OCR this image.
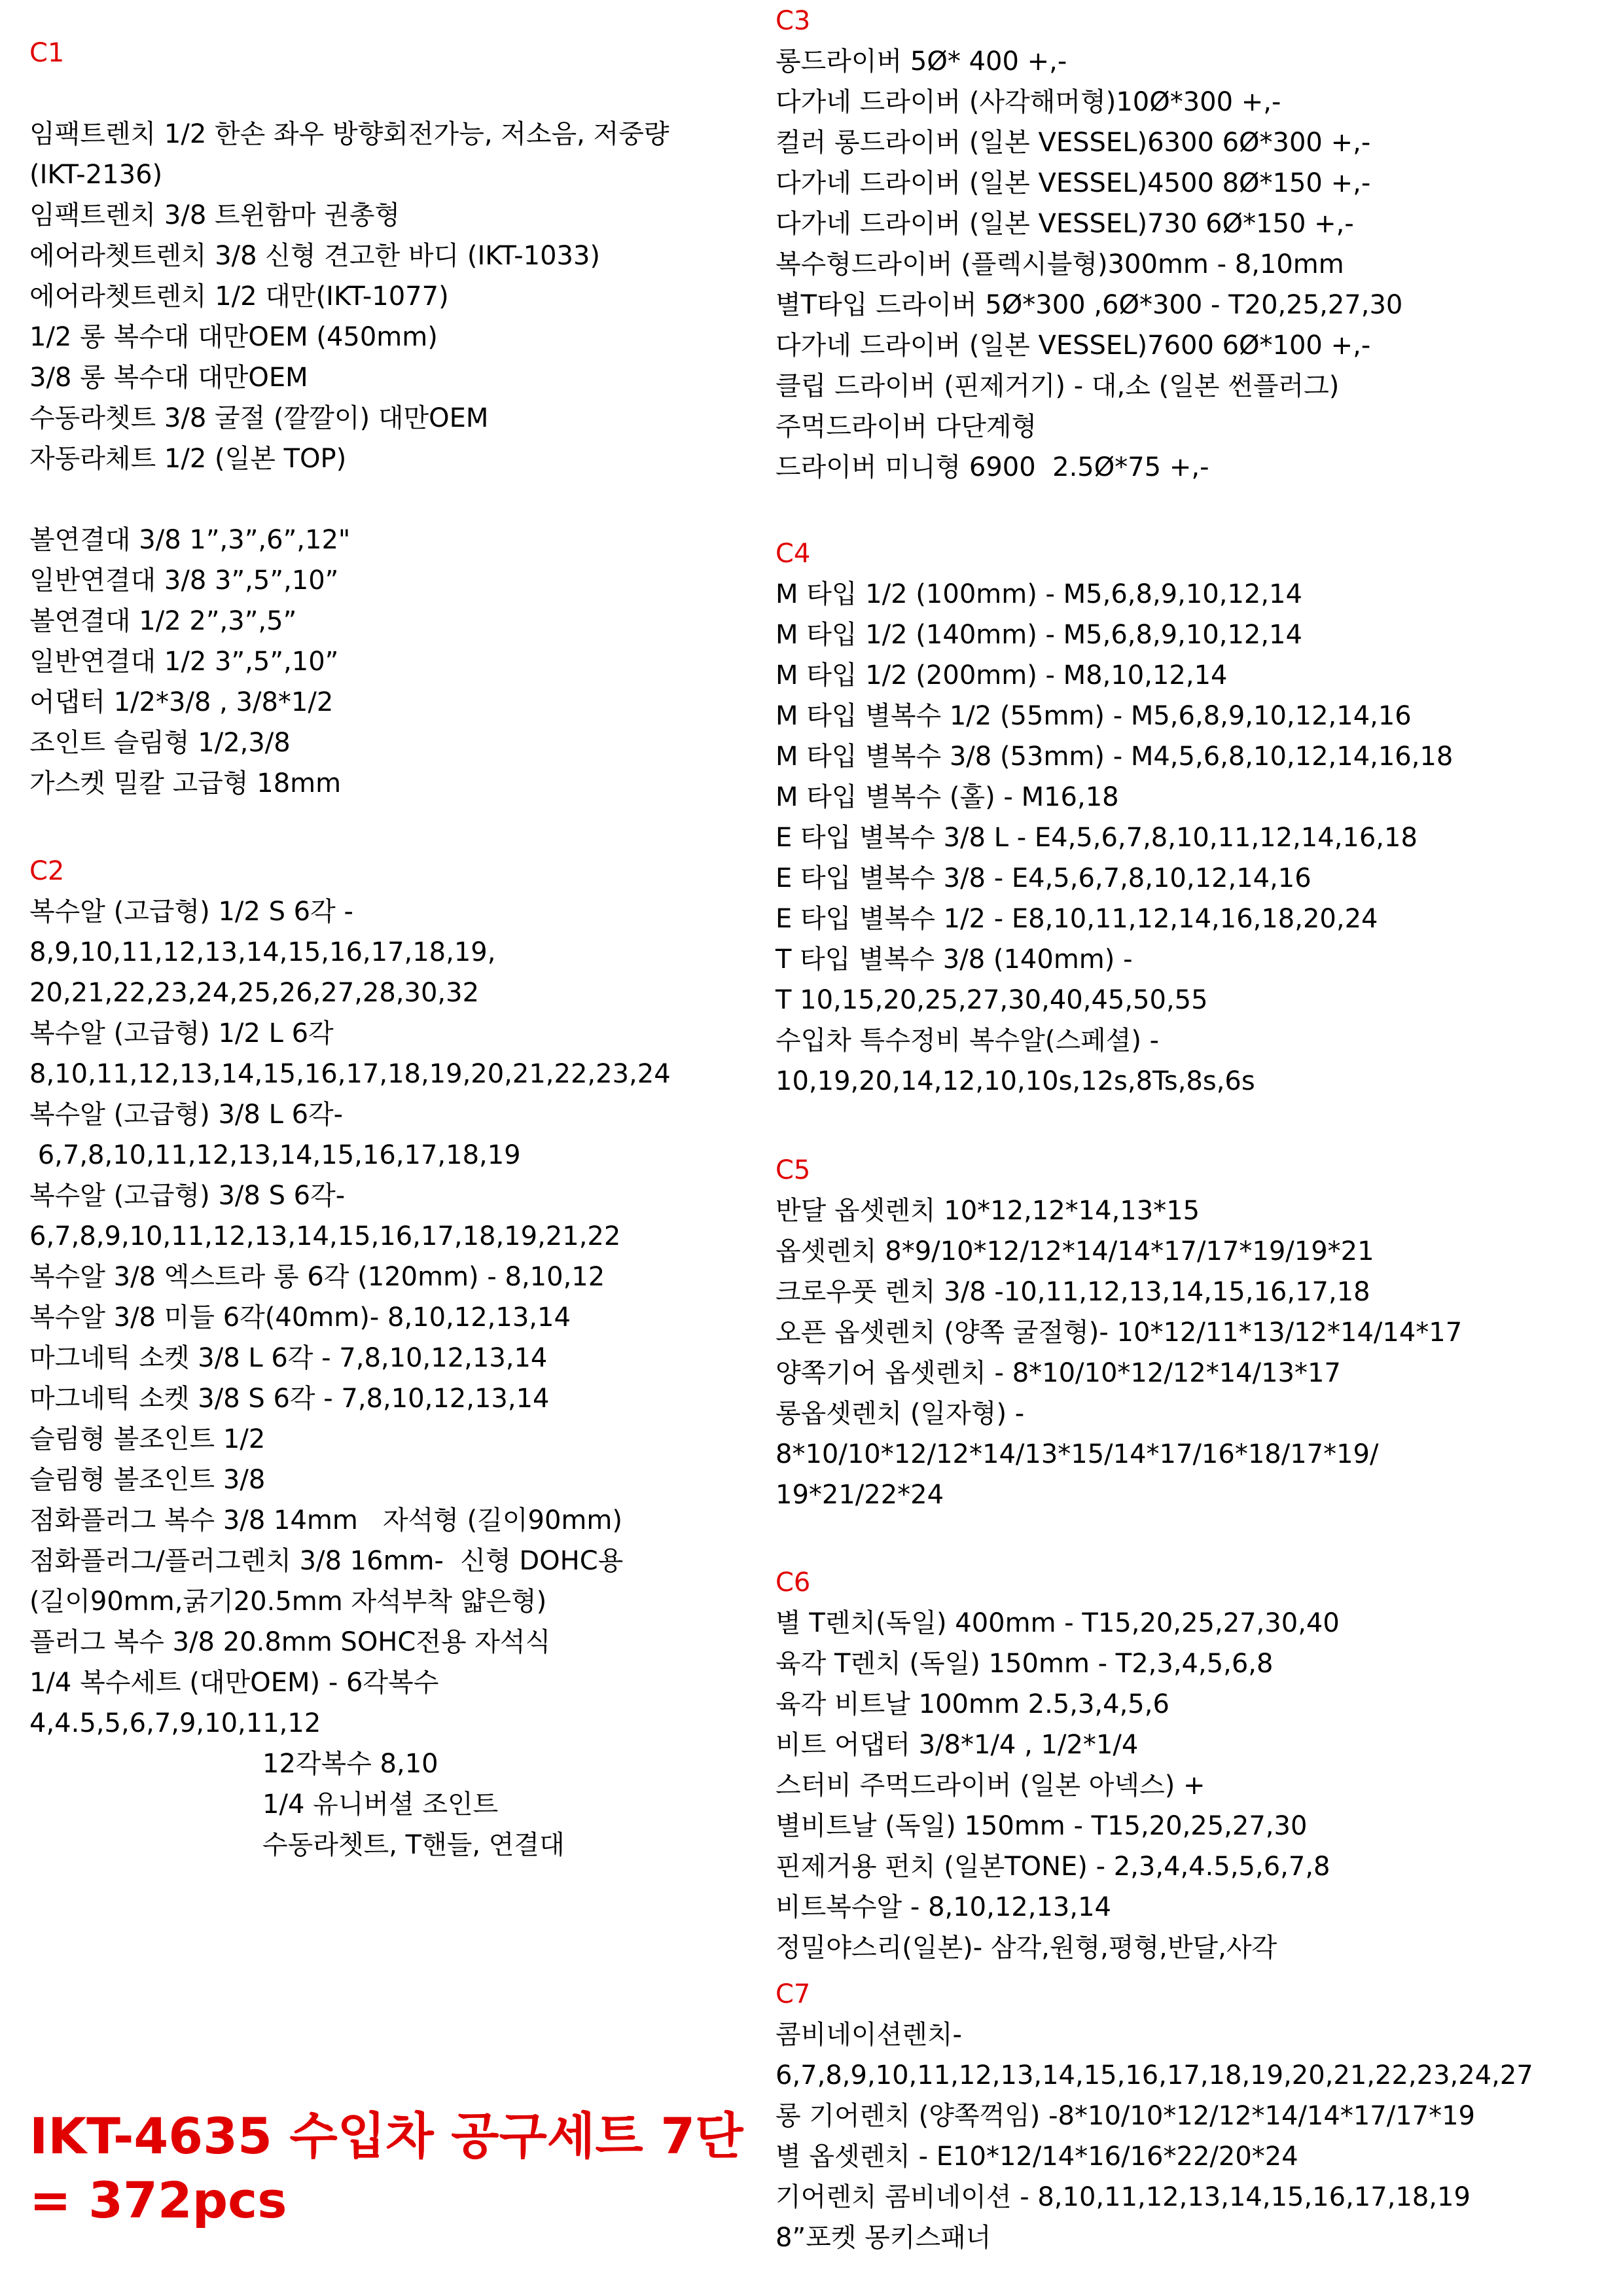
C1
임팩트렌치 1/2 한손 좌우 방향회전가능, 저소음, 저중량
(IKT-2136)
임팩트렌치 3/8 트윈함마 권총형
에어라쳇트렌치 3/8 신형 견고한 바디 (IKT-1033)
에어라쳇트렌치 1/2 대만(IKT-1077)
1/2 롱 복수대 대만OEM (450mm)
3/8 롱 복수대 대만OEM
수동라쳇트 3/8 굴절 (깔깔이) 대만OEM
자동라체트 1/2 (일본 TOP)
볼연결대 3/8 1”,3”,6”,12"
일반연결대 3/8 3”,5”,10”
볼연결대 1/2 2”,3”,5”
일반연결대 1/2 3”,5”,10”
어댑터 1/2*3/8 , 3/8*1/2
조인트 슬림형 1/2,3/8
가스켓 밀칼 고급형 18mm
C2
복수알 (고급형) 1/2 S 6각 -
8,9,10,11,12,13,14,15,16,17,18,19,
20,21,22,23,24,25,26,27,28,30,32
복수알 (고급형) 1/2 L 6각
8,10,11,12,13,14,15,16,17,18,19,20,21,22,23,24
복수알 (고급형) 3/8 L 6각-
6,7,8,10,11,12,13,14,15,16,17,18,19
복수알 (고급형) 3/8 S 6각-
6,7,8,9,10,11,12,13,14,15,16,17,18,19,21,22
복수알 3/8 엑스트라 롱 6각 (120mm) - 8,10,12
복수알 3/8 미들 6각(40mm)- 8,10,12,13,14
마그네틱 소켓 3/8 L 6각 - 7,8,10,12,13,14
마그네틱 소켓 3/8 S 6각 - 7,8,10,12,13,14
슬림형 볼조인트 1/2
슬림형 볼조인트 3/8
점화플러그 복수 3/8 14mm   자석형 (길이90mm)
점화플러그/플러그렌치 3/8 16mm-  신형 DOHC용
(길이90mm,굵기20.5mm 자석부착 얇은형)
플러그 복수 3/8 20.8mm SOHC전용 자석식
1/4 복수세트 (대만OEM) - 6각복수
4,4.5,5,6,7,9,10,11,12
12각복수 8,10
1/4 유니버셜 조인트
수동라쳇트, T핸들, 연결대
C3
롱드라이버 5Ø* 400 +,-
다가네 드라이버 (사각해머형)10Ø*300 +,-
컬러 롱드라이버 (일본 VESSEL)6300 6Ø*300 +,-
다가네 드라이버 (일본 VESSEL)4500 8Ø*150 +,-
다가네 드라이버 (일본 VESSEL)730 6Ø*150 +,-
복수형드라이버 (플렉시블형)300mm - 8,10mm
별T타입 드라이버 5Ø*300 ,6Ø*300 - T20,25,27,30
다가네 드라이버 (일본 VESSEL)7600 6Ø*100 +,-
클립 드라이버 (핀제거기) - 대,소 (일본 썬플러그)
주먹드라이버 다단계형
드라이버 미니형 6900  2.5Ø*75 +,-
C4
M 타입 1/2 (100mm) - M5,6,8,9,10,12,14
M 타입 1/2 (140mm) - M5,6,8,9,10,12,14
M 타입 1/2 (200mm) - M8,10,12,14
M 타입 별복수 1/2 (55mm) - M5,6,8,9,10,12,14,16
M 타입 별복수 3/8 (53mm) - M4,5,6,8,10,12,14,16,18
M 타입 별복수 (홀) - M16,18
E 타입 별복수 3/8 L - E4,5,6,7,8,10,11,12,14,16,18
E 타입 별복수 3/8 - E4,5,6,7,8,10,12,14,16
E 타입 별복수 1/2 - E8,10,11,12,14,16,18,20,24
T 타입 별복수 3/8 (140mm) -
T 10,15,20,25,27,30,40,45,50,55
수입차 특수정비 복수알(스페셜) -
10,19,20,14,12,10,10s,12s,8Ts,8s,6s
C5
반달 옵셋렌치 10*12,12*14,13*15
옵셋렌치 8*9/10*12/12*14/14*17/17*19/19*21
크로우풋 렌치 3/8 -10,11,12,13,14,15,16,17,18
오픈 옵셋렌치 (양쪽 굴절형)- 10*12/11*13/12*14/14*17
양쪽기어 옵셋렌치 - 8*10/10*12/12*14/13*17
롱옵셋렌치 (일자형) -
8*10/10*12/12*14/13*15/14*17/16*18/17*19/
19*21/22*24
C6
별 T렌치(독일) 400mm - T15,20,25,27,30,40
육각 T렌치 (독일) 150mm - T2,3,4,5,6,8
육각 비트날 100mm 2.5,3,4,5,6
비트 어댑터 3/8*1/4 , 1/2*1/4
스터비 주먹드라이버 (일본 아넥스) +
별비트날 (독일) 150mm - T15,20,25,27,30
핀제거용 펀치 (일본TONE) - 2,3,4,4.5,5,6,7,8
비트복수알 - 8,10,12,13,14
정밀야스리(일본)- 삼각,원형,평형,반달,사각
C7
콤비네이션렌치-
6,7,8,9,10,11,12,13,14,15,16,17,18,19,20,21,22,23,24,27
롱 기어렌치 (양쪽꺽임) -8*10/10*12/12*14/14*17/17*19
별 옵셋렌치 - E10*12/14*16/16*22/20*24
기어렌치 콤비네이션 - 8,10,11,12,13,14,15,16,17,18,19
8”포켓 몽키스패너
IKT-4635 수입차 공구세트 7단
= 372pcs
